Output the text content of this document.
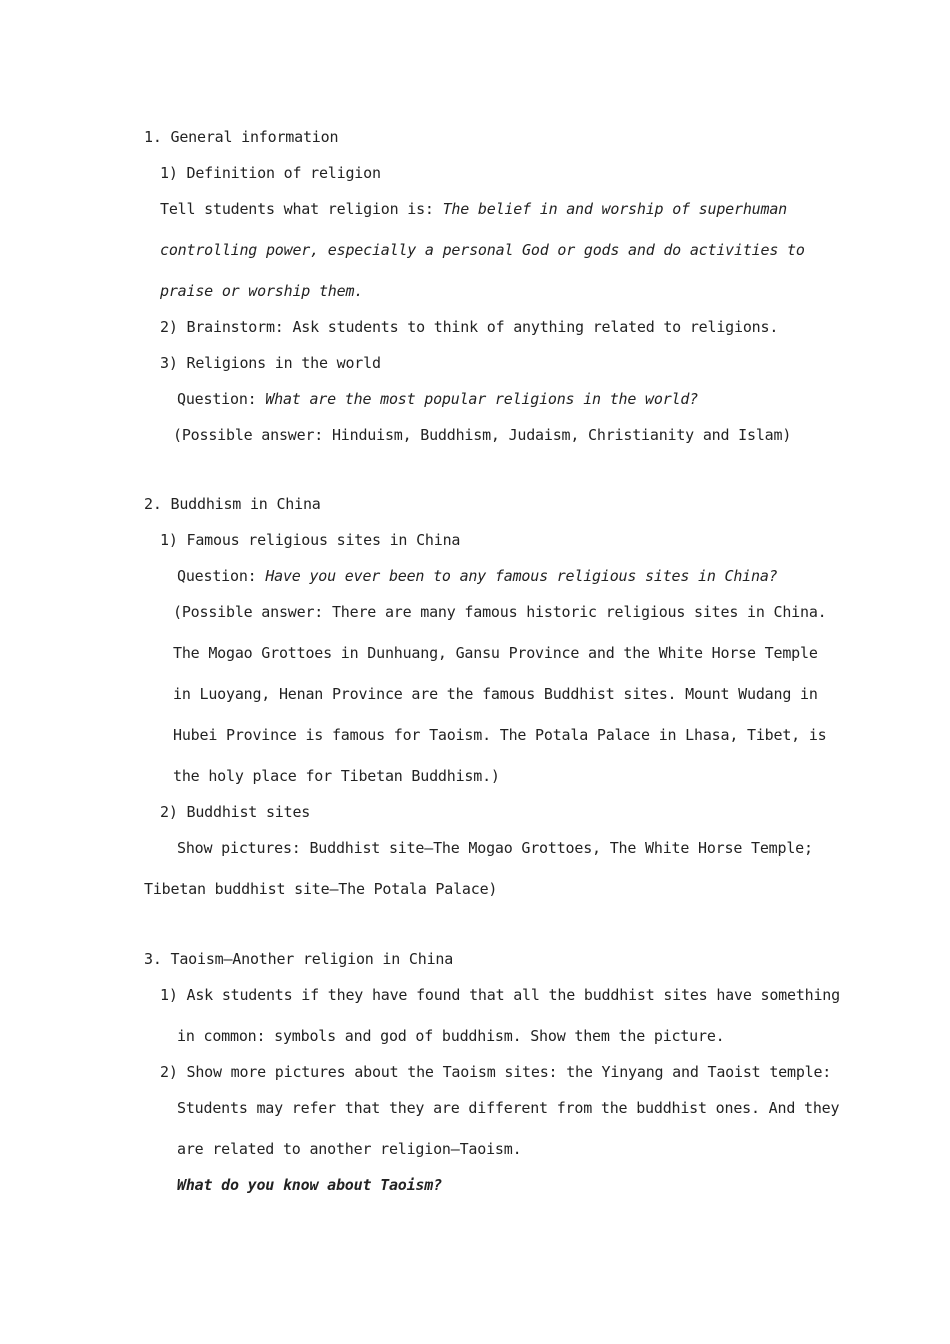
1. General information
1) Definition of religion
Tell students what religion is: The belief in and worship of superhuman
controlling power, especially a personal God or gods and do activities to
praise or worship them.
2) Brainstorm: Ask students to think of anything related to religions.
3) Religions in the world
Question: What are the most popular religions in the world?
(Possible answer: Hinduism, Buddhism, Judaism, Christianity and Islam)
2. Buddhism in China
1) Famous religious sites in China
Question: Have you ever been to any famous religious sites in China?
(Possible answer: There are many famous historic religious sites in China.
The Mogao Grottoes in Dunhuang, Gansu Province and the White Horse Temple
in Luoyang, Henan Province are the famous Buddhist sites. Mount Wudang in
Hubei Province is famous for Taoism. The Potala Palace in Lhasa, Tibet, is
the holy place for Tibetan Buddhism.)
2) Buddhist sites
Show pictures: Buddhist site—The Mogao Grottoes, The White Horse Temple;
Tibetan buddhist site—The Potala Palace)
3. Taoism—Another religion in China
1) Ask students if they have found that all the buddhist sites have something
in common: symbols and god of buddhism. Show them the picture.
2) Show more pictures about the Taoism sites: the Yinyang and Taoist temple:
Students may refer that they are different from the buddhist ones. And they
are related to another religion—Taoism.
What do you know about Taoism?
